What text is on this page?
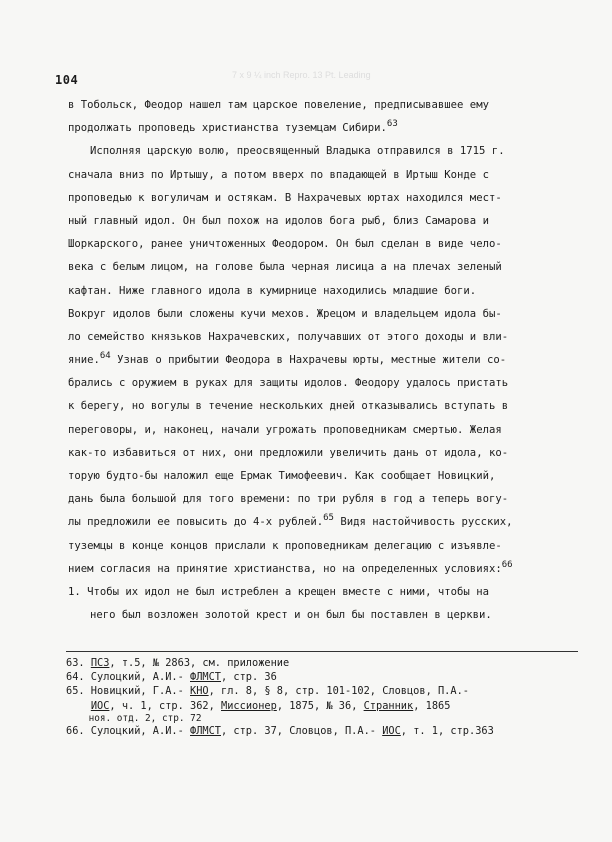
7 x 9 ¼ inch Repro. 13 Pt. Leading
104
в Тобольск, Феодор нашел там царское повеление, предписывавшее ему
продолжать проповедь христианства туземцам Сибири.$^{63}$
Исполняя царскую волю, преосвященный Владыка отправился в 1715 г.
сначала вниз по Иртышу, а потом вверх по впадающей в Иртыш Конде с
проповедью к вогуличам и остякам. В Нахрачевых юртах находился мест-
ный главный идол. Он был похож на идолов бога рыб, близ Самарова и
Шоркарского, ранее уничтоженных Феодором. Он был сделан в виде чело-
века с белым лицом, на голове была черная лисица а на плечах зеленый
кафтан. Ниже главного идола в кумирнице находились младшие боги.
Вокруг идолов были сложены кучи мехов. Жрецом и владельцем идола бы-
ло семейство князьков Нахрачевских, получавших от этого доходы и вли-
яние.$^{64}$ Узнав о прибытии Феодора в Нахрачевы юрты, местные жители со-
брались с оружием в руках для защиты идолов. Феодору удалось пристать
к берегу, но вогулы в течение нескольких дней отказывались вступать в
переговоры, и, наконец, начали угрожать проповедникам смертью. Желая
как-то избавиться от них, они предложили увеличить дань от идола, ко-
торую будто-бы наложил еще Ермак Тимофеевич. Как сообщает Новицкий,
дань была большой для того времени: по три рубля в год а теперь вогу-
лы предложили ее повысить до 4-х рублей.$^{65}$ Видя настойчивость русских,
туземцы в конце концов прислали к проповедникам делегацию с изъявле-
нием согласия на принятие христианства, но на определенных условиях:$^{66}$
1. Чтобы их идол не был истреблен а крещен вместе с ними, чтобы на
него был возложен золотой крест и он был бы поставлен в церкви.
63. ПСЗ, т.5, № 2863, см. приложение
64. Сулоцкий, А.И.- ФЛМСТ, стр. 36
65. Новицкий, Г.А.- КНО, гл. 8, § 8, стр. 101-102, Словцов, П.А.-
ИОС, ч. 1, стр. 362, Миссионер, 1875, № 36, Странник, 1865
ноя. отд. 2, стр. 72
66. Сулоцкий, А.И.- ФЛМСТ, стр. 37, Словцов, П.А.- ИОС, т. 1, стр.363
